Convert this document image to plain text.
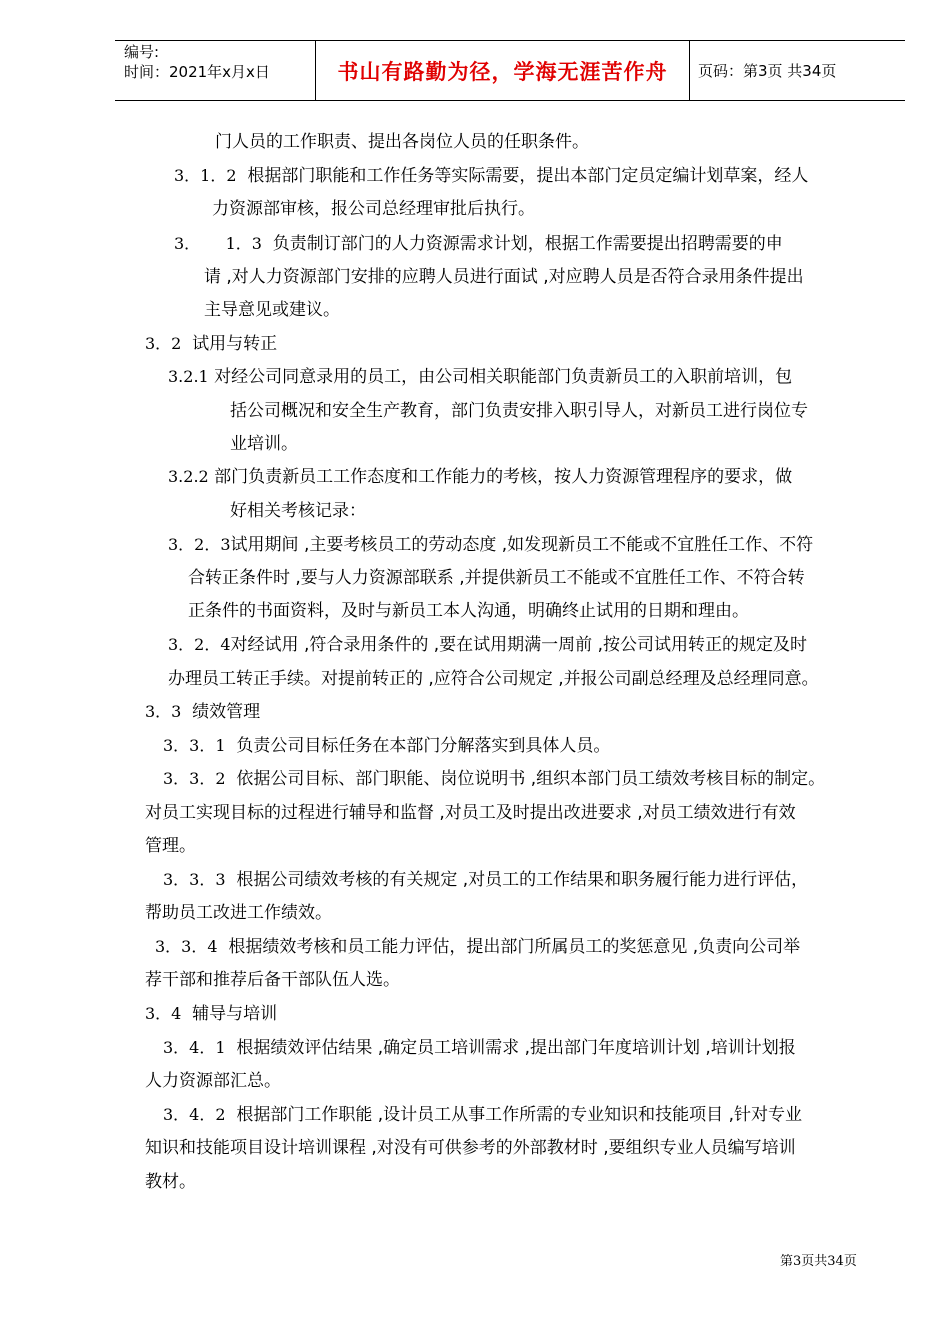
编号:
时间：2021年x月x日	书山有路勤为径，学海无涯苦作舟 页码：第3页 共34页
门人员的工作职责、提出各岗位人员的任职条件。
3．1．2  根据部门职能和工作任务等实际需要，提出本部门定员定编计划草案，经人
力资源部审核，报公司总经理审批后执行。
3．     1．3  负责制订部门的人力资源需求计划，根据工作需要提出招聘需要的申
请 ,对人力资源部门安排的应聘人员进行面试 ,对应聘人员是否符合录用条件提出
主导意见或建议。
3．2  试用与转正
3.2.1 对经公司同意录用的员工，由公司相关职能部门负责新员工的入职前培训，包
括公司概况和安全生产教育，部门负责安排入职引导人，对新员工进行岗位专
业培训。
3.2.2 部门负责新员工工作态度和工作能力的考核，按人力资源管理程序的要求，做
好相关考核记录：
3．2．3试用期间 ,主要考核员工的劳动态度 ,如发现新员工不能或不宜胜任工作、不符
合转正条件时 ,要与人力资源部联系 ,并提供新员工不能或不宜胜任工作、不符合转
正条件的书面资料，及时与新员工本人沟通，明确终止试用的日期和理由。
3．2．4对经试用 ,符合录用条件的 ,要在试用期满一周前 ,按公司试用转正的规定及时
办理员工转正手续。对提前转正的 ,应符合公司规定 ,并报公司副总经理及总经理同意。
3．3  绩效管理
3．3．1  负责公司目标任务在本部门分解落实到具体人员。
3．3．2  依据公司目标、部门职能、岗位说明书 ,组织本部门员工绩效考核目标的制定。
对员工实现目标的过程进行辅导和监督 ,对员工及时提出改进要求 ,对员工绩效进行有效
管理。
3．3．3  根据公司绩效考核的有关规定 ,对员工的工作结果和职务履行能力进行评估，
帮助员工改进工作绩效。
3．3．4  根据绩效考核和员工能力评估，提出部门所属员工的奖惩意见 ,负责向公司举
荐干部和推荐后备干部队伍人选。
3．4  辅导与培训
3．4．1  根据绩效评估结果 ,确定员工培训需求 ,提出部门年度培训计划 ,培训计划报
人力资源部汇总。
3．4．2  根据部门工作职能 ,设计员工从事工作所需的专业知识和技能项目 ,针对专业
知识和技能项目设计培训课程 ,对没有可供参考的外部教材时 ,要组织专业人员编写培训
教材。
第3页共34页
